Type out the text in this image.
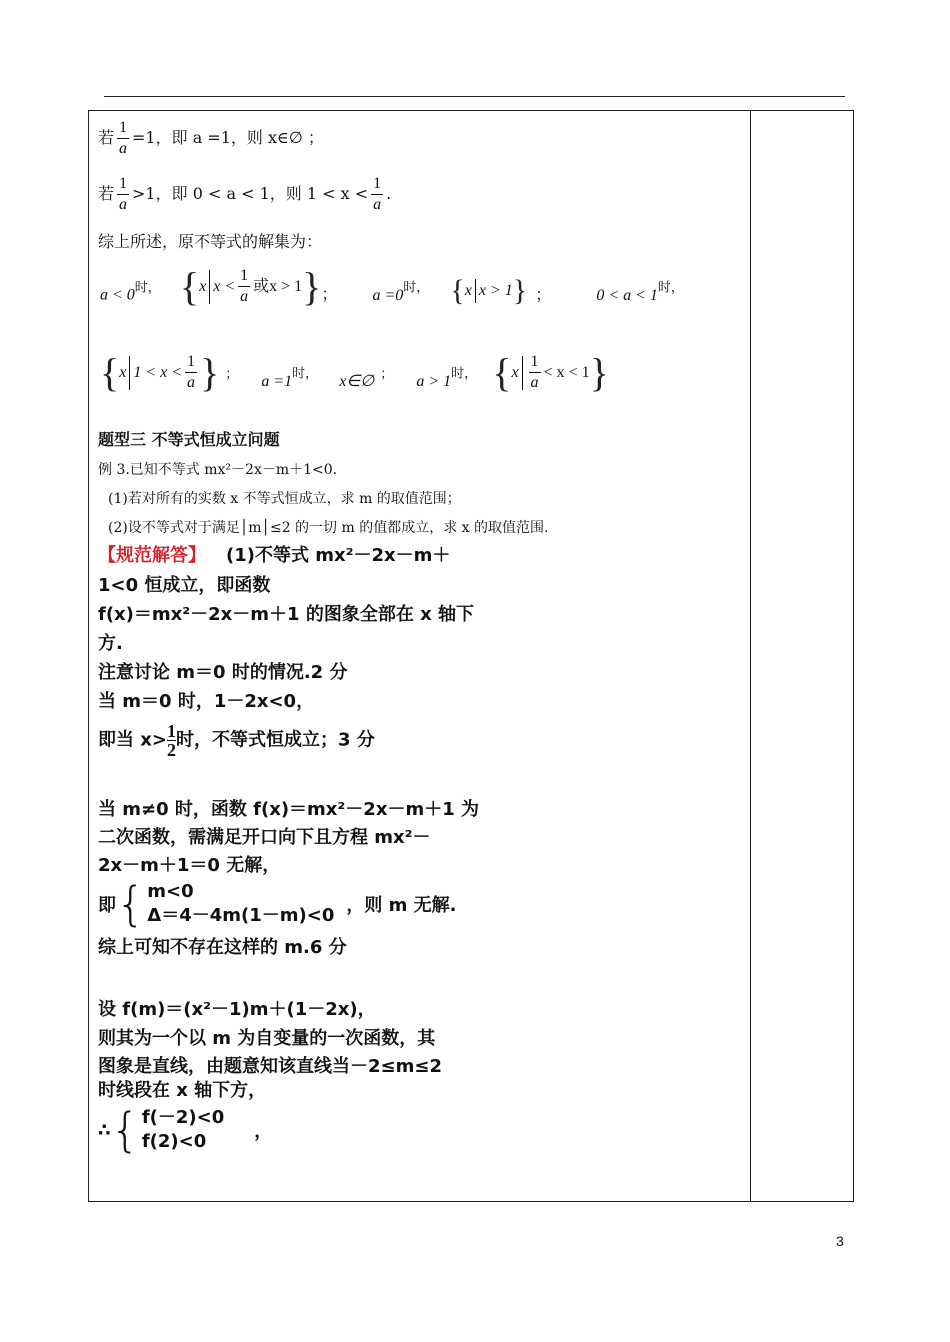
若 $\frac{1}{a} =1$，即 a =1，则 x∈∅ ；
若 $\frac{1}{a} >1$，即 0 < a < 1，则 $1 < x < \frac{1}{a}$ .
综上所述，原不等式的解集为：
$a < 0^{时,}$ { x $x < \frac{1}{a}$ 或x > 1 } ； $a =0^{时,}$ { x x > 1 } ；	$0 < a < 1^{时,}$
{ x $1 < x < \frac{1}{a}$ } ； $a =1^{时,}$ x∈∅ ； $a > 1^{时,}$ { x $\frac{1}{a} < x < 1$ }
题型三 不等式恒成立问题
例 3.已知不等式 mx²－2x－m＋1<0.
(1)若对所有的实数 x 不等式恒成立，求 m 的取值范围；
(2)设不等式对于满足│m│≤2 的一切 m 的值都成立，求 x 的取值范围.
【规范解答】 (1)不等式 mx²－2x－m＋
1<0 恒成立，即函数
f(x)＝mx²－2x－m＋1 的图象全部在 x 轴下
方.
注意讨论 m＝0 时的情况.2 分
当 m＝0 时，1－2x<0，
即当 $x> \frac{1}{2}$时，不等式恒成立；3 分
当 m≠0 时，函数 f(x)＝mx²－2x－m＋1 为
二次函数，需满足开口向下且方程 mx²－
2x－m＋1＝0 无解，
即 { m<0
Δ＝4－4m(1－m)<0 ，则 m 无解.
综上可知不存在这样的 m.6 分
设 f(m)＝(x²－1)m＋(1－2x)，
则其为一个以 m 为自变量的一次函数，其
图象是直线，由题意知该直线当－2≤m≤2
时线段在 x 轴下方，
∴ { f(－2)<0
f(2)<0	，
3
